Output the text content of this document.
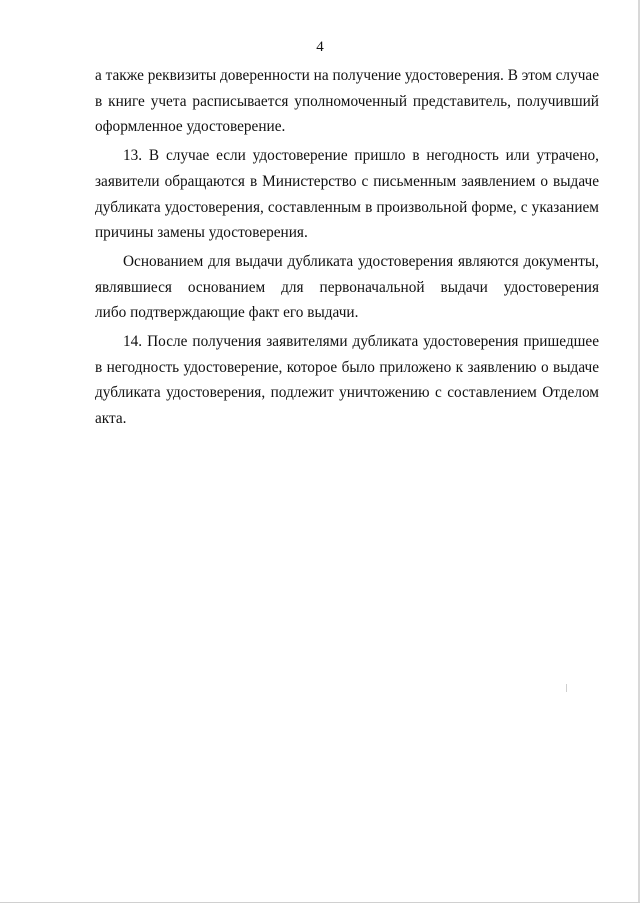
4

а также реквизиты доверенности на получение удостоверения. В этом случае
в книге учета расписывается уполномоченный представитель, получивший
оформленное удостоверение.

13. В случае если удостоверение пришло в негодность или утрачено,
заявители обращаются в Министерство с письменным заявлением о выдаче
дубликата удостоверения, составленным в произвольной форме, с указанием
причины замены удостоверения.

Основанием для выдачи дубликата удостоверения являются документы,
являвшиеся основанием для первоначальной выдачи удостоверения
либо подтверждающие факт его выдачи.

14. После получения заявителями дубликата удостоверения пришедшее
в негодность удостоверение, которое было приложено к заявлению о выдаче
дубликата удостоверения, подлежит уничтожению с составлением Отделом
акта.
